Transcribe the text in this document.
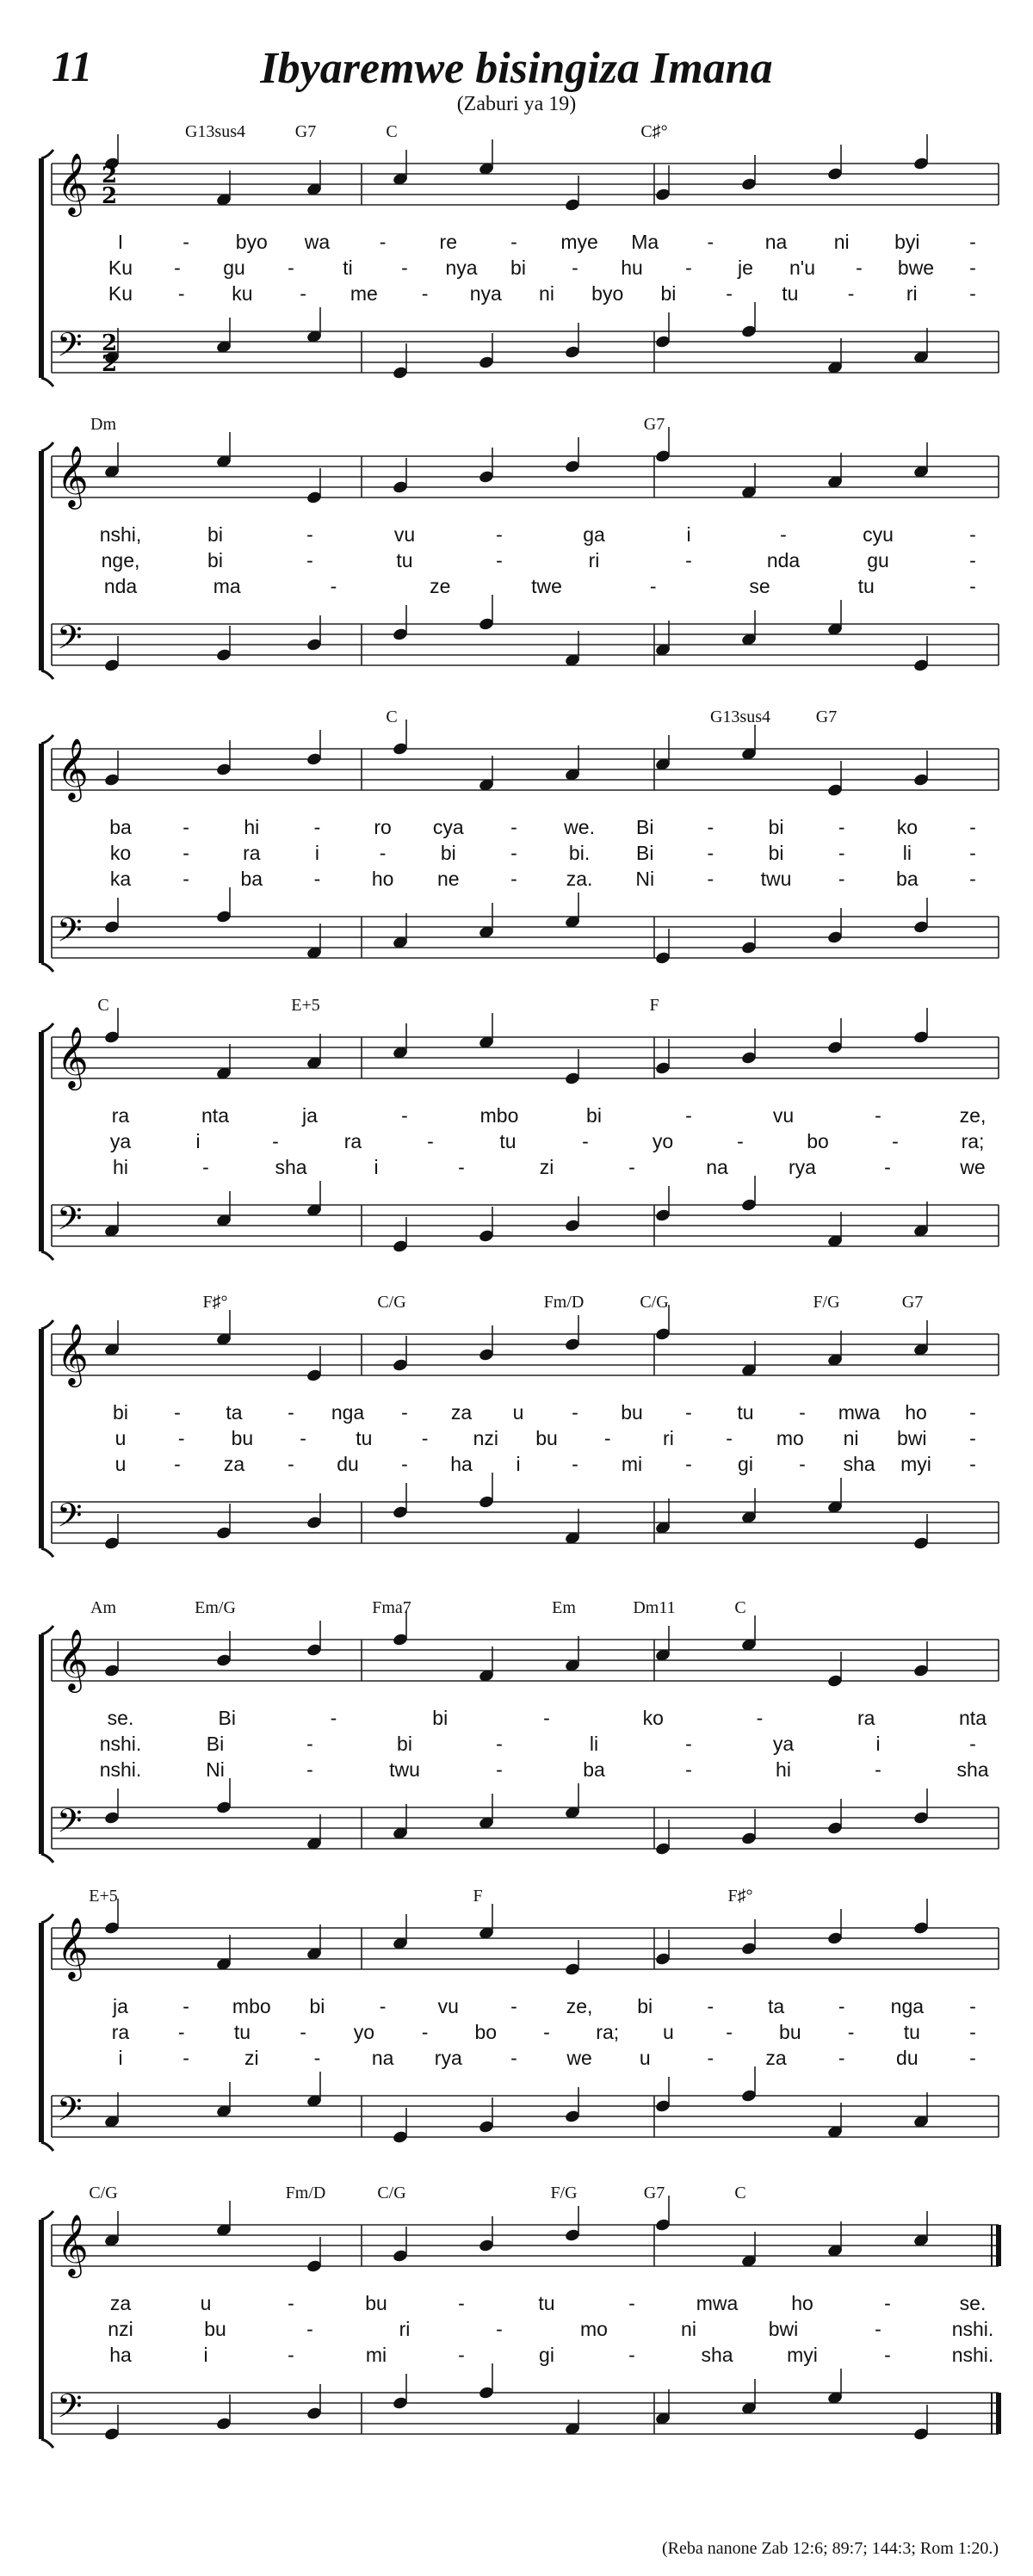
11	Ibyaremwe bisingiza Imana
(Zaburi ya 19)
𝄞
𝄢
2
2
2
2
G13sus4	G7	C	C♯°
I	- byo wa	-	re	- mye Ma -	na ni byi	-
Ku - gu - ti - nya bi - hu - je n'u - bwe -
Ku - ku - me - nya ni byo bi	- tu -	ri	-
𝄞
𝄢
Dm	G7
nshi,	bi	-	vu	-	ga	i	-	cyu	-
nge,	bi	-	tu	-	ri	-	nda	gu	-
nda	ma	-	ze	twe	-	se	tu	-
𝄞
𝄢
C	G13sus4	G7
ba	-	hi	-	ro cya - we. Bi	-	bi	-	ko	-
ko	-	ra	i	-	bi	-	bi. Bi	-	bi	-	li	-
ka	-	ba	-	ho ne	- za. Ni	- twu -	ba	-
𝄞
𝄢
C	E+5	F
ra	nta	ja	-	mbo	bi	-	vu	-	ze,
ya	i	-	ra	-	tu	-	yo	-	bo	-	ra;
hi	-	sha	i	-	zi	-	na	rya	-	we
𝄞
𝄢
F♯°	C/G	Fm/D	C/G	F/G	G7
bi - ta - nga - za u - bu - tu - mwa ho -
u	- bu - tu - nzi bu -	ri	- mo ni bwi -
u - za - du - ha i	- mi - gi - sha myi -
𝄞
𝄢
Am	Em/G	Fma7	Em	Dm11	C
se.	Bi	-	bi	-	ko	-	ra	nta
nshi.	Bi	-	bi	-	li	-	ya	i	-
nshi.	Ni	-	twu	-	ba	-	hi	-	sha
𝄞
𝄢
E+5	F	F♯°
ja	- mbo bi	-	vu	- ze, bi	-	ta	- nga -
ra - tu - yo - bo - ra; u	- bu - tu -
i	-	zi	-	na rya -	we u	-	za	-	du	-
𝄞
𝄢
C/G	Fm/D	C/G	F/G	G7	C
za	u	-	bu	-	tu	-	mwa	ho	-	se.
nzi	bu	-	ri	-	mo	ni	bwi	-	nshi.
ha	i	-	mi	-	gi	-	sha	myi	-	nshi.
(Reba nanone Zab 12:6; 89:7; 144:3; Rom 1:20.)
